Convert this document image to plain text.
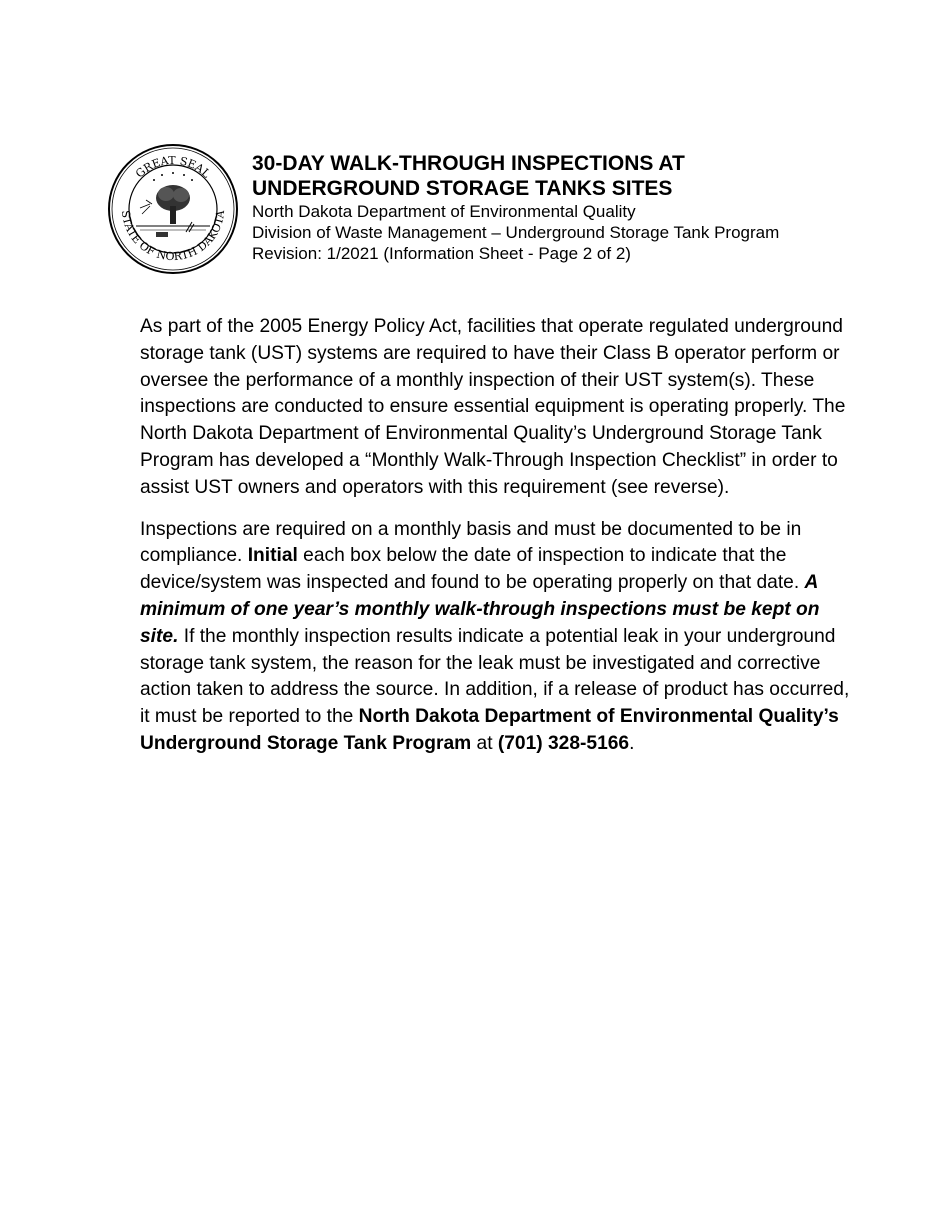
GREAT SEAL
STATE OF NORTH DAKOTA

30-DAY WALK-THROUGH INSPECTIONS AT

UNDERGROUND STORAGE TANKS SITES

North Dakota Department of Environmental Quality

Division of Waste Management – Underground Storage Tank Program

Revision: 1/2021 (Information Sheet - Page 2 of 2)

As part of the 2005 Energy Policy Act, facilities that operate regulated underground storage tank (UST) systems are required to have their Class B operator perform or oversee the performance of a monthly inspection of their UST system(s). These inspections are conducted to ensure essential equipment is operating properly. The North Dakota Department of Environmental Quality’s Underground Storage Tank Program has developed a “Monthly Walk-Through Inspection Checklist” in order to assist UST owners and operators with this requirement (see reverse).

Inspections are required on a monthly basis and must be documented to be in compliance. Initial each box below the date of inspection to indicate that the device/system was inspected and found to be operating properly on that date. A minimum of one year’s monthly walk-through inspections must be kept on site. If the monthly inspection results indicate a potential leak in your underground storage tank system, the reason for the leak must be investigated and corrective action taken to address the source. In addition, if a release of product has occurred, it must be reported to the North Dakota Department of Environmental Quality’s Underground Storage Tank Program at (701) 328-5166.
